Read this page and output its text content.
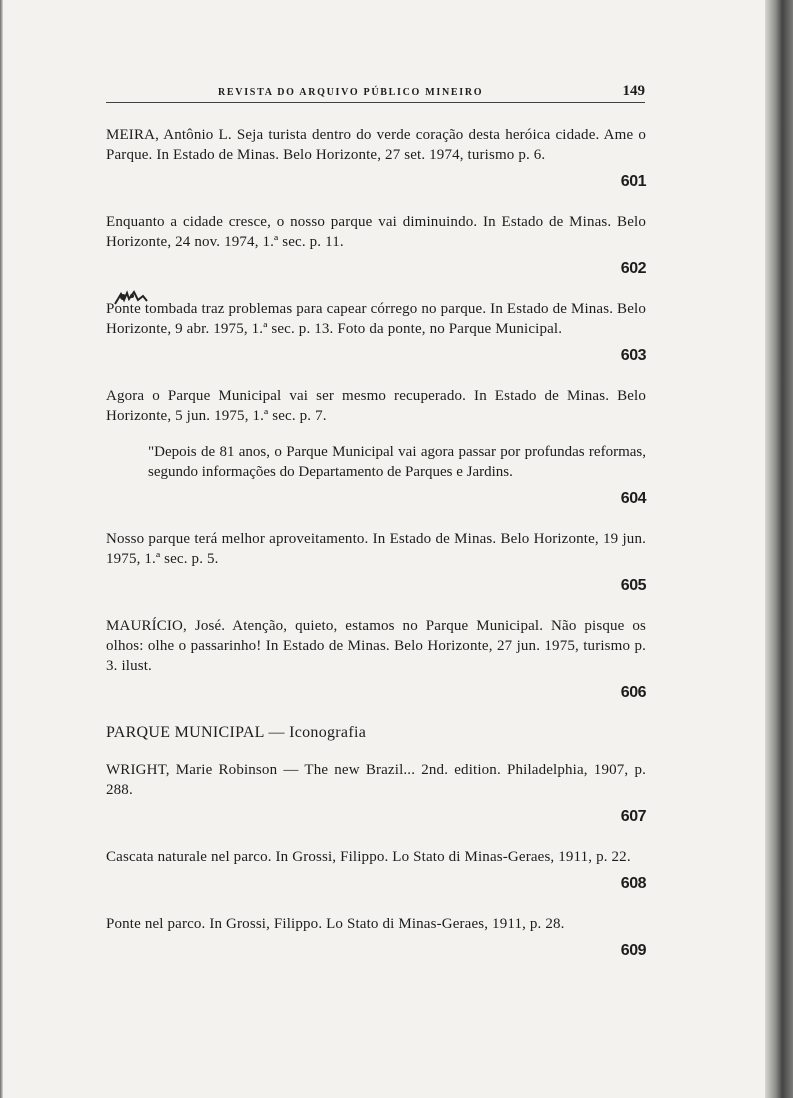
REVISTA DO ARQUIVO PÚBLICO MINEIRO	149

MEIRA, Antônio L. Seja turista dentro do verde coração desta heróica cidade. Ame o Parque. In Estado de Minas. Belo Horizonte, 27 set. 1974, turismo p. 6.

601

Enquanto a cidade cresce, o nosso parque vai diminuindo. In Estado de Minas. Belo Horizonte, 24 nov. 1974, 1.ª sec. p. 11.

602

Ponte tombada traz problemas para capear córrego no parque. In Estado de Minas. Belo Horizonte, 9 abr. 1975, 1.ª sec. p. 13. Foto da ponte, no Parque Municipal.

603

Agora o Parque Municipal vai ser mesmo recuperado. In Estado de Minas. Belo Horizonte, 5 jun. 1975, 1.ª sec. p. 7.

"Depois de 81 anos, o Parque Municipal vai agora passar por profundas reformas, segundo informações do Departamento de Parques e Jardins.

604

Nosso parque terá melhor aproveitamento. In Estado de Minas. Belo Horizonte, 19 jun. 1975, 1.ª sec. p. 5.

605

MAURÍCIO, José. Atenção, quieto, estamos no Parque Municipal. Não pisque os olhos: olhe o passarinho! In Estado de Minas. Belo Horizonte, 27 jun. 1975, turismo p. 3. ilust.

606
PARQUE MUNICIPAL — Iconografia

WRIGHT, Marie Robinson — The new Brazil... 2nd. edition. Philadelphia, 1907, p. 288.

607

Cascata naturale nel parco. In Grossi, Filippo. Lo Stato di Minas-Geraes, 1911, p. 22.

608

Ponte nel parco. In Grossi, Filippo. Lo Stato di Minas-Geraes, 1911, p. 28.

609
